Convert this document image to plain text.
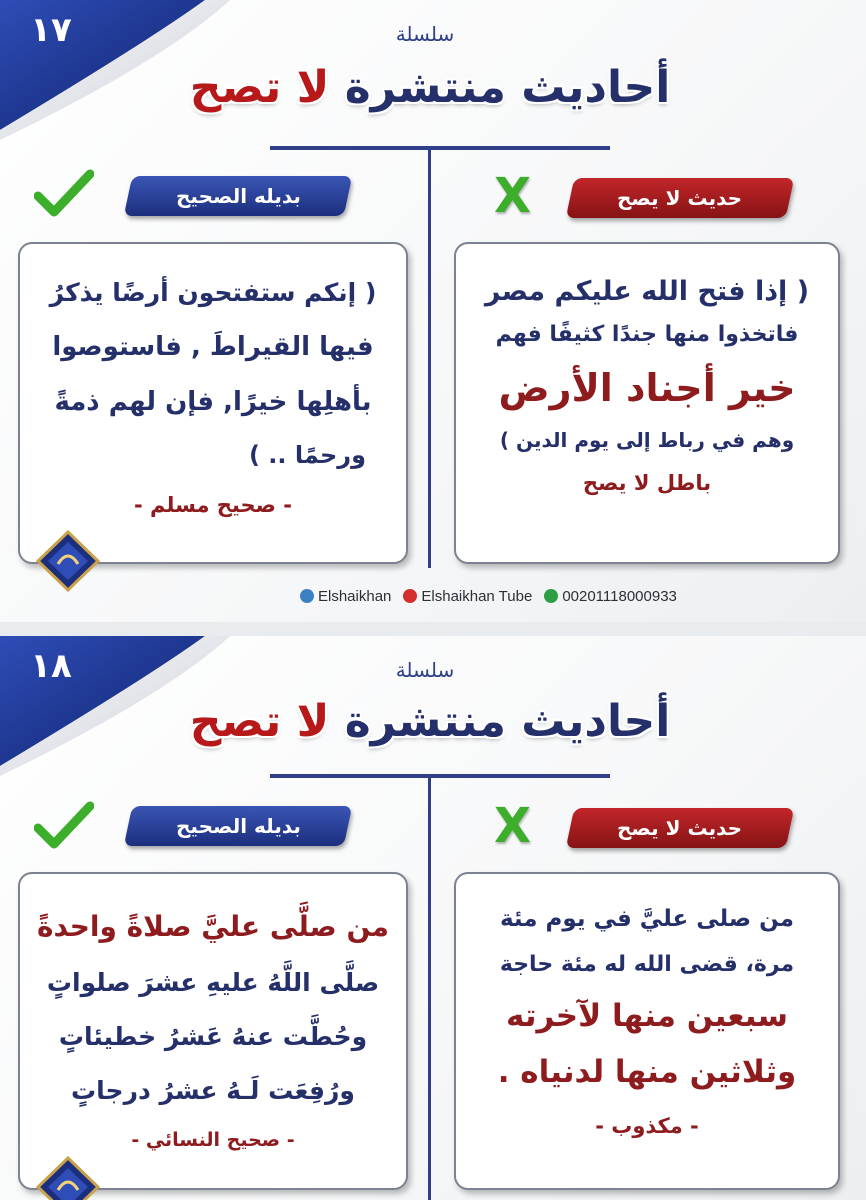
١٧	سلسلة
أحاديث منتشرة لا تصح
حديث لا يصح
X
بديله الصحيح
( إذا فتح الله عليكم مصر
فاتخذوا منها جندًا كثيفًا فهم
خير أجناد الأرض
وهم في رباط إلى يوم الدين )
باطل لا يصح
( إنكم ستفتحون أرضًا يذكرُ
فيها القيراطَ , فاستوصوا
بأهلِها خيرًا, فإن لهم ذمةً
ورحمًا .. )
- صحيح مسلم -
Elshaikhan Elshaikhan Tube 00201118000933
١٨	سلسلة
أحاديث منتشرة لا تصح
حديث لا يصح
X
بديله الصحيح
من صلى عليَّ في يوم مئة
مرة، قضى الله له مئة حاجة
سبعين منها لآخرته
وثلاثين منها لدنياه .
- مكذوب -
من صلَّى عليَّ صلاةً واحدةً
صلَّى اللَّهُ عليهِ عشرَ صلواتٍ
وحُطَّت عنهُ عَشرُ خطيئاتٍ
ورُفِعَت لَـهُ عشرُ درجاتٍ
- صحيح النسائي -
